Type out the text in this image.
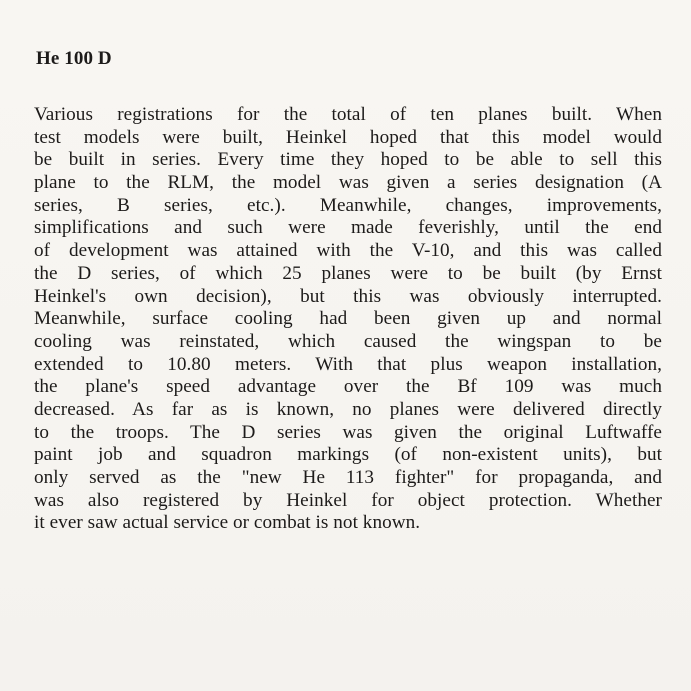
He 100 D
Various registrations for the total of ten planes built. When
test models were built, Heinkel hoped that this model would
be built in series. Every time they hoped to be able to sell this
plane to the RLM, the model was given a series designation (A
series, B series, etc.). Meanwhile, changes, improvements,
simplifications and such were made feverishly, until the end
of development was attained with the V-10, and this was called
the D series, of which 25 planes were to be built (by Ernst
Heinkel's own decision), but this was obviously interrupted.
Meanwhile, surface cooling had been given up and normal
cooling was reinstated, which caused the wingspan to be
extended to 10.80 meters. With that plus weapon installation,
the plane's speed advantage over the Bf 109 was much
decreased. As far as is known, no planes were delivered directly
to the troops. The D series was given the original Luftwaffe
paint job and squadron markings (of non-existent units), but
only served as the "new He 113 fighter" for propaganda, and
was also registered by Heinkel for object protection. Whether
it ever saw actual service or combat is not known.
